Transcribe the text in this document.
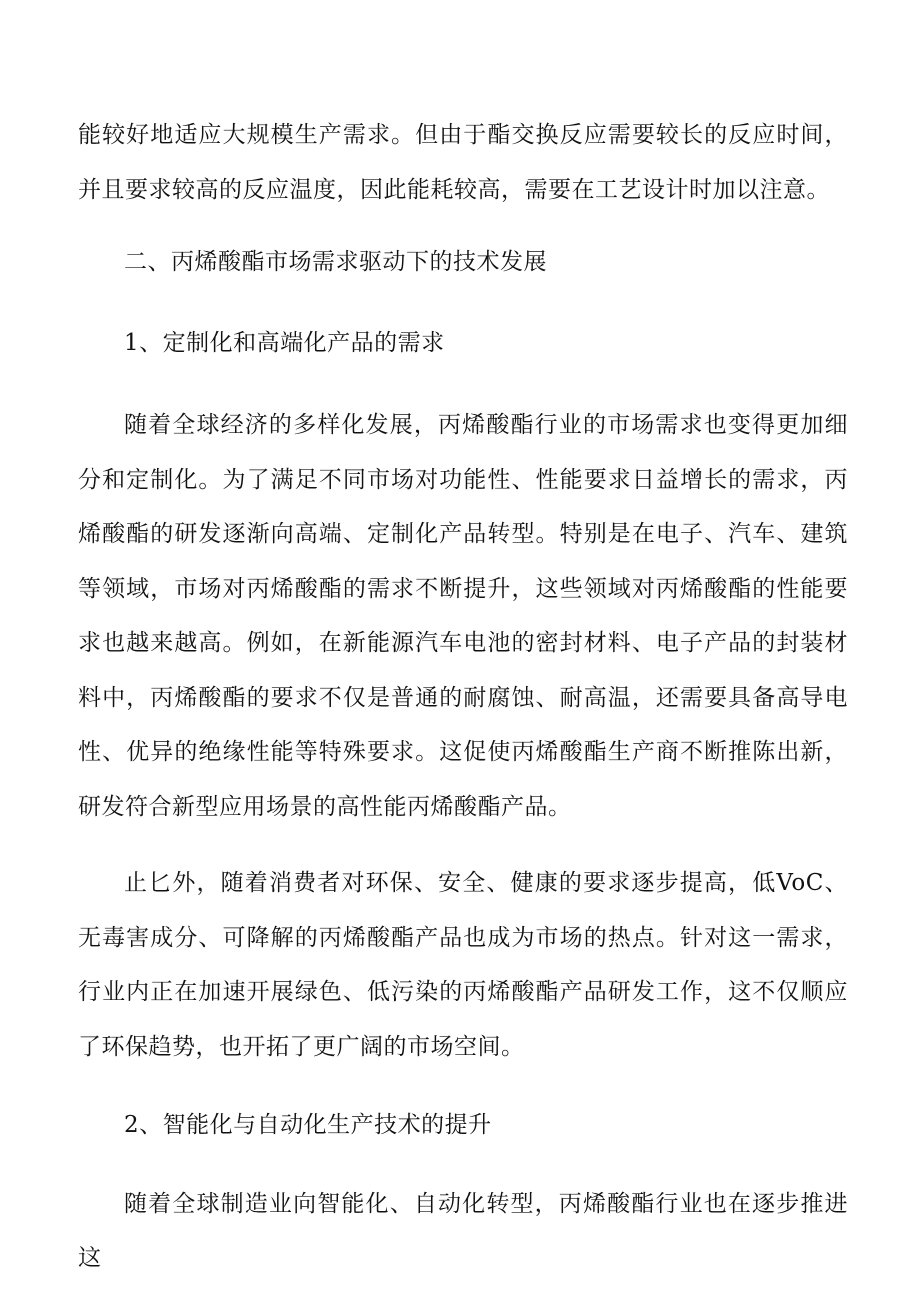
能较好地适应大规模生产需求。但由于酯交换反应需要较长的反应时间，并且要求较高的反应温度，因此能耗较高，需要在工艺设计时加以注意。

二、丙烯酸酯市场需求驱动下的技术发展

1、定制化和高端化产品的需求

随着全球经济的多样化发展，丙烯酸酯行业的市场需求也变得更加细分和定制化。为了满足不同市场对功能性、性能要求日益增长的需求，丙烯酸酯的研发逐渐向高端、定制化产品转型。特别是在电子、汽车、建筑等领域，市场对丙烯酸酯的需求不断提升，这些领域对丙烯酸酯的性能要求也越来越高。例如，在新能源汽车电池的密封材料、电子产品的封装材料中，丙烯酸酯的要求不仅是普通的耐腐蚀、耐高温，还需要具备高导电性、优异的绝缘性能等特殊要求。这促使丙烯酸酯生产商不断推陈出新，研发符合新型应用场景的高性能丙烯酸酯产品。

止匕外，随着消费者对环保、安全、健康的要求逐步提高，低VoC、无毒害成分、可降解的丙烯酸酯产品也成为市场的热点。针对这一需求，行业内正在加速开展绿色、低污染的丙烯酸酯产品研发工作，这不仅顺应了环保趋势，也开拓了更广阔的市场空间。

2、智能化与自动化生产技术的提升

随着全球制造业向智能化、自动化转型，丙烯酸酯行业也在逐步推进这
